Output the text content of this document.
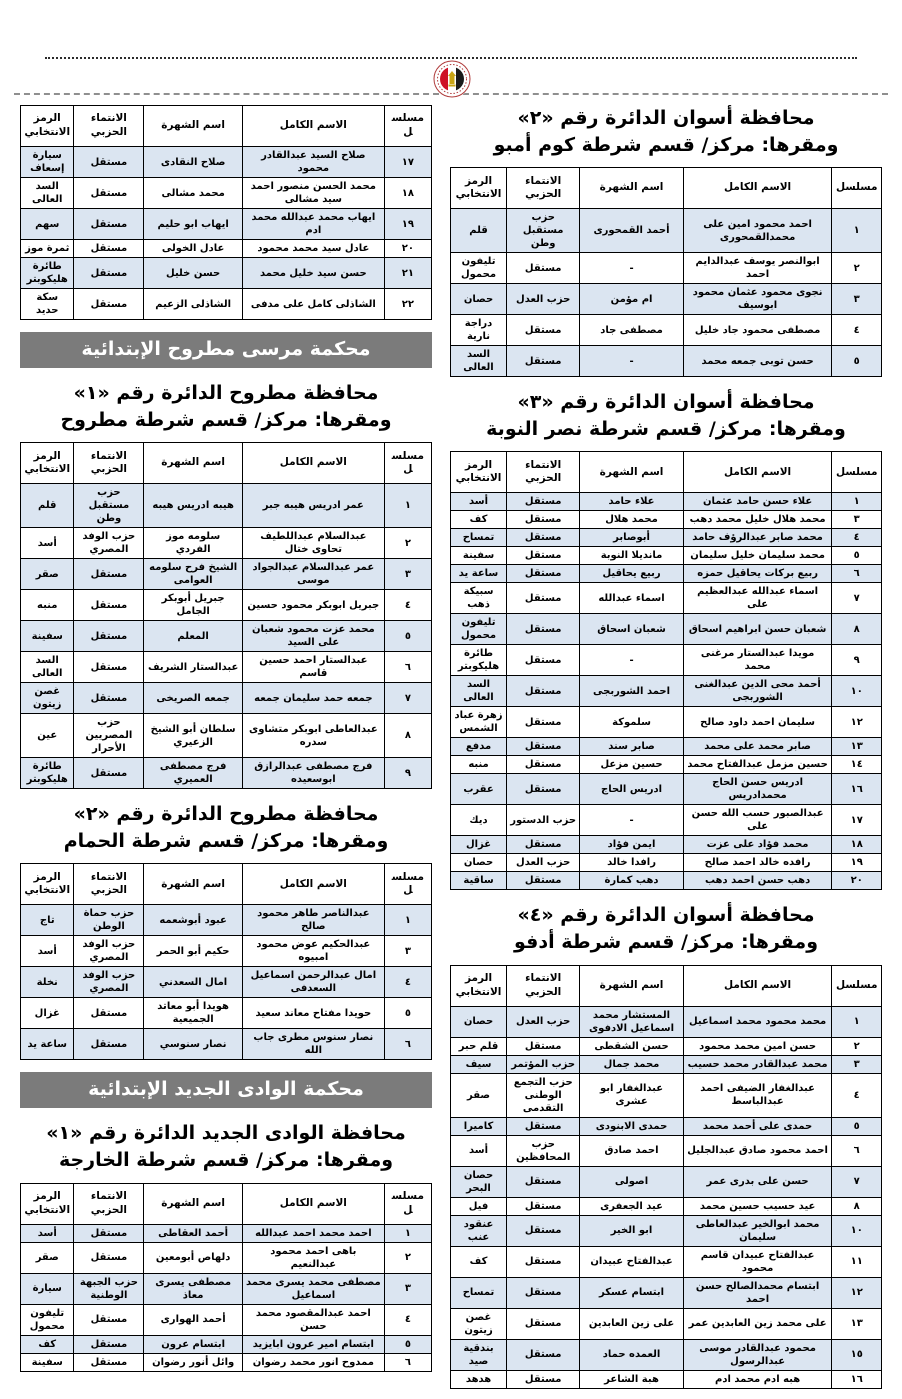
محافظة أسوان الدائرة رقم «٢»
ومقرها: مركز/ قسم شرطة كوم أمبو
مسلسل	الاسم الكامل	اسم الشهرة	الانتماء الحزبي	الرمز الانتخابي
١	احمد محمود امين على محمدالقمحورى	أحمد القمحورى	حزب مستقبل وطن	قلم
٢	ابوالنصر يوسف عبدالدايم احمد	-	مستقل	تليفون محمول
٣	نجوى محمود عثمان محمود ابوسيف	ام مؤمن	حزب العدل	حصان
٤	مصطفى محمود جاد خليل	مصطفى جاد	مستقل	دراجة نارية
٥	حسن توبى جمعه محمد	-	مستقل	السد العالى
محافظة أسوان الدائرة رقم «٣»
ومقرها: مركز/ قسم شرطة نصر النوبة
مسلسل	الاسم الكامل	اسم الشهرة	الانتماء الحزبي	الرمز الانتخابي
١	علاء حسن حامد عثمان	علاء حامد	مستقل	أسد
٣	محمد هلال خليل محمد دهب	محمد هلال	مستقل	كف
٤	محمد صابر عبدالرؤف حامد	أبوصابر	مستقل	تمساح
٥	محمد سليمان خليل سليمان	مانديلا النوبة	مستقل	سفينة
٦	ربيع بركات يحاقيل حمزه	ربيع يحاقيل	مستقل	ساعة يد
٧	اسماء عبدالله عبدالعظيم على	اسماء عبدالله	مستقل	سبيكة ذهب
٨	شعبان حسن ابراهيم اسحاق	شعبان اسحاق	مستقل	تليفون محمول
٩	مويدا عبدالستار مرغنى محمد	-	مستقل	طائرة هليكوبتر
١٠	أحمد محى الدين عبدالغنى الشوربجى	احمد الشوربجى	مستقل	السد العالى
١٢	سليمان احمد داود صالح	سلموكة	مستقل	زهرة عباد الشمس
١٣	صابر محمد على محمد	صابر سند	مستقل	مدفع
١٤	حسين مزمل عبدالفتاح محمد	حسين مزعل	مستقل	منبه
١٦	ادريس حسن الحاج محمدادريس	ادريس الحاج	مستقل	عقرب
١٧	عبدالصبور حسب الله حسن على	-	حزب الدستور	ديك
١٨	محمد فؤاد على عزت	ايمن فؤاد	مستقل	غزال
١٩	رافده خالد احمد صالح	رافدا خالد	حزب العدل	حصان
٢٠	دهب حسن احمد دهب	دهب كمارة	مستقل	ساقية
محافظة أسوان الدائرة رقم «٤»
ومقرها: مركز/ قسم شرطة أدفو
مسلسل	الاسم الكامل	اسم الشهرة	الانتماء الحزبي	الرمز الانتخابي
١	محمد محمود محمد اسماعيل	المستشار محمد اسماعيل الادفوى	حزب العدل	حصان
٢	حسن امين محمد محمود	حسن الشقطى	مستقل	قلم حبر
٣	محمد عبدالقادر محمد حسيب	محمد جمال	حزب المؤتمر	سيف
٤	عبدالغفار الضيفى احمد عبدالباسط	عبدالغفار ابو عشرى	حزب التجمع الوطنى التقدمى	صقر
٥	حمدى على أحمد محمد	حمدى الابنودى	مستقل	كاميرا
٦	احمد محمود صادق عبدالجليل	احمد صادق	حزب المحافظين	أسد
٧	حسن على بدرى عمر	اصولى	مستقل	حصان البحر
٨	عيد حسيب حسين محمد	عيد الجعفرى	مستقل	فيل
١٠	محمد ابوالخير عبدالعاطى سليمان	ابو الخير	مستقل	عنقود عنب
١١	عبدالفتاح عبيدان قاسم محمود	عبدالفتاح عبيدان	مستقل	كف
١٢	ابتسام محمدالصالح حسن احمد	ابتسام عسكر	مستقل	تمساح
١٣	على محمد زين العابدين عمر	على زين العابدين	مستقل	غصن زيتون
١٥	محمود عبدالقادر موسى عبدالرسول	العمده حماد	مستقل	بندقية صيد
١٦	هبه ادم محمد ادم	هبة الشاعر	مستقل	هدهد
مسلسل	الاسم الكامل	اسم الشهرة	الانتماء الحزبي	الرمز الانتخابي
١٧	صلاح السيد عبدالقادر محمود	صلاح النقادى	مستقل	سيارة إسعاف
١٨	محمد الحسن منصور احمد سيد مشالى	محمد مشالى	مستقل	السد العالى
١٩	ايهاب محمد عبدالله محمد ادم	ايهاب ابو حليم	مستقل	سهم
٢٠	عادل سيد محمد محمود	عادل الخولى	مستقل	ثمرة موز
٢١	حسن سيد خليل محمد	حسن خليل	مستقل	طائرة هليكوبتر
٢٢	الشاذلى كامل على مدفى	الشاذلى الزعيم	مستقل	سكة حديد
محكمة مرسى مطروح الإبتدائية
محافظة مطروح الدائرة رقم «١»
ومقرها: مركز/ قسم شرطة مطروح
مسلسل	الاسم الكامل	اسم الشهرة	الانتماء الحزبي	الرمز الانتخابي
١	عمر ادريس هيبه جبر	هيبه ادريس هيبه	حزب مستقبل وطن	قلم
٢	عبدالسلام عبداللطيف تحاوى ختال	سلومه موز الفردي	حزب الوفد المصري	أسد
٣	عمر عبدالسلام عبدالجواد موسى	الشيخ فرح سلومه العوامى	مستقل	صقر
٤	جبريل ابوبكر محمود حسين	جبريل أبوبكر الجامل	مستقل	منبه
٥	محمد عزت محمود شعبان على السيد	المعلم	مستقل	سفينة
٦	عبدالستار احمد حسين قاسم	عبدالستار الشريف	مستقل	السد العالى
٧	جمعه حمد سليمان جمعه	جمعه الصريخى	مستقل	غصن زيتون
٨	عبدالعاطى ابوبكر متشاوى سدره	سلطان أبو الشيخ الزعيري	حزب المصريين الأحرار	عين
٩	فرج مصطفى عبدالرازق ابوسعيده	فرج مصطفى العميري	مستقل	طائرة هليكوبتر
محافظة مطروح الدائرة رقم «٢»
ومقرها: مركز/ قسم شرطة الحمام
مسلسل	الاسم الكامل	اسم الشهرة	الانتماء الحزبي	الرمز الانتخابي
١	عبدالناصر طاهر محمود صالح	عبود أبوشعمه	حزب حماة الوطن	تاج
٣	عبدالحكيم عوض محمود امبيوه	حكيم أبو الحمر	حزب الوفد المصري	أسد
٤	امال عبدالرحمن اسماعيل السعدفى	امال السعدني	حزب الوفد المصري	نخلة
٥	حويدا مفتاح معاند سعيد	هويدا أبو معاتد الجميعية	مستقل	غزال
٦	نصار سنوس مطرى جاب الله	نصار سنوسي	مستقل	ساعة يد
محكمة الوادى الجديد الإبتدائية
محافظة الوادى الجديد الدائرة رقم «١»
ومقرها: مركز/ قسم شرطة الخارجة
مسلسل	الاسم الكامل	اسم الشهرة	الانتماء الحزبي	الرمز الانتخابي
١	احمد محمد احمد عبدالله	أحمد العقاطى	مستقل	أسد
٢	باهى احمد محمود عبدالنعيم	دلهاص أبومعين	مستقل	صقر
٣	مصطفى محمد يسرى محمد اسماعيل	مصطفى يسرى معاذ	حزب الجبهة الوطنية	سيارة
٤	احمد عبدالمقصود محمد حسن	أحمد الهوارى	مستقل	تليفون محمول
٥	ابتسام امير عرون ابايزيد	ابتسام عرون	مستقل	كف
٦	ممدوح انور محمد رضوان	وائل أنور رضوان	مستقل	سفينة
